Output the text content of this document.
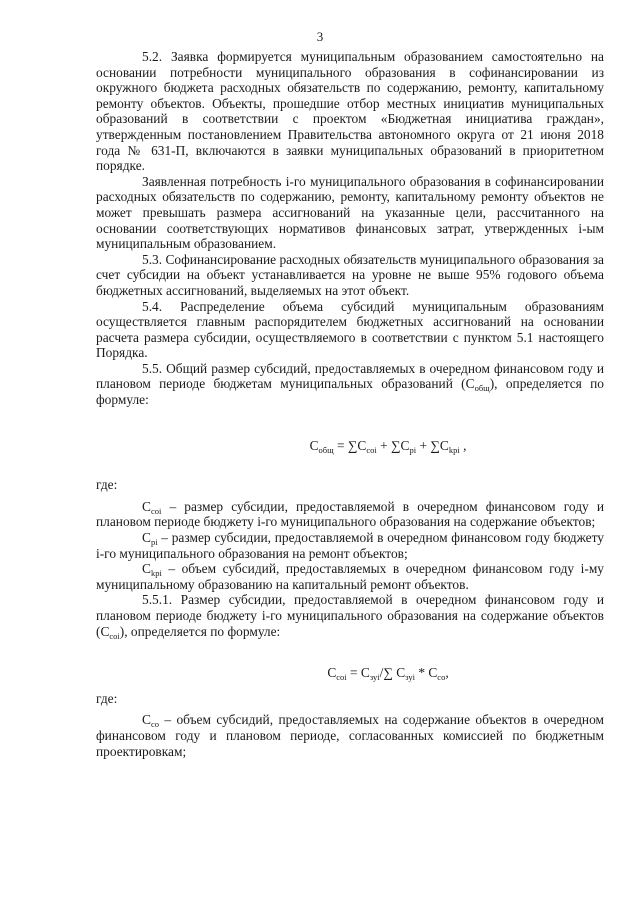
3

5.2. Заявка формируется муниципальным образованием самостоятельно на основании потребности муниципального образования в софинансировании из окружного бюджета расходных обязательств по содержанию, ремонту, капитальному ремонту объектов. Объекты, прошедшие отбор местных инициатив муниципальных образований в соответствии с проектом «Бюджетная инициатива граждан», утвержденным постановлением Правительства автономного округа от 21 июня 2018 года № 631-П, включаются в заявки муниципальных образований в приоритетном порядке.

Заявленная потребность i-го муниципального образования в софинансировании расходных обязательств по содержанию, ремонту, капитальному ремонту объектов не может превышать размера ассигнований на указанные цели, рассчитанного на основании соответствующих нормативов финансовых затрат, утвержденных i-ым муниципальным образованием.

5.3. Софинансирование расходных обязательств муниципального образования за счет субсидии на объект устанавливается на уровне не выше 95% годового объема бюджетных ассигнований, выделяемых на этот объект.

5.4. Распределение объема субсидий муниципальным образованиям осуществляется главным распорядителем бюджетных ассигнований на основании расчета размера субсидии, осуществляемого в соответствии с пунктом 5.1 настоящего Порядка.

5.5. Общий размер субсидий, предоставляемых в очередном финансовом году и плановом периоде бюджетам муниципальных образований $(С_{общ})$, определяется по формуле:

$С_{общ} = \sum С_{coi} + \sum С_{pi} + \sum С_{kpi}$ ,

где:

$С_{coi}$ – размер субсидии, предоставляемой в очередном финансовом году и плановом периоде бюджету i-го муниципального образования на содержание объектов;

$С_{pi}$ – размер субсидии, предоставляемой в очередном финансовом году бюджету i-го муниципального образования на ремонт объектов;

$С_{kpi}$ – объем субсидий, предоставляемых в очередном финансовом году i-му муниципальному образованию на капитальный ремонт объектов.

5.5.1. Размер субсидии, предоставляемой в очередном финансовом году и плановом периоде бюджету i-го муниципального образования на содержание объектов $(С_{coi})$, определяется по формуле:

$С_{coi} = С_{зуi}/\sum$ $С_{зуi} * С_{co}$,

где:

$С_{co}$ – объем субсидий, предоставляемых на содержание объектов в очередном финансовом году и плановом периоде, согласованных комиссией по бюджетным проектировкам;
